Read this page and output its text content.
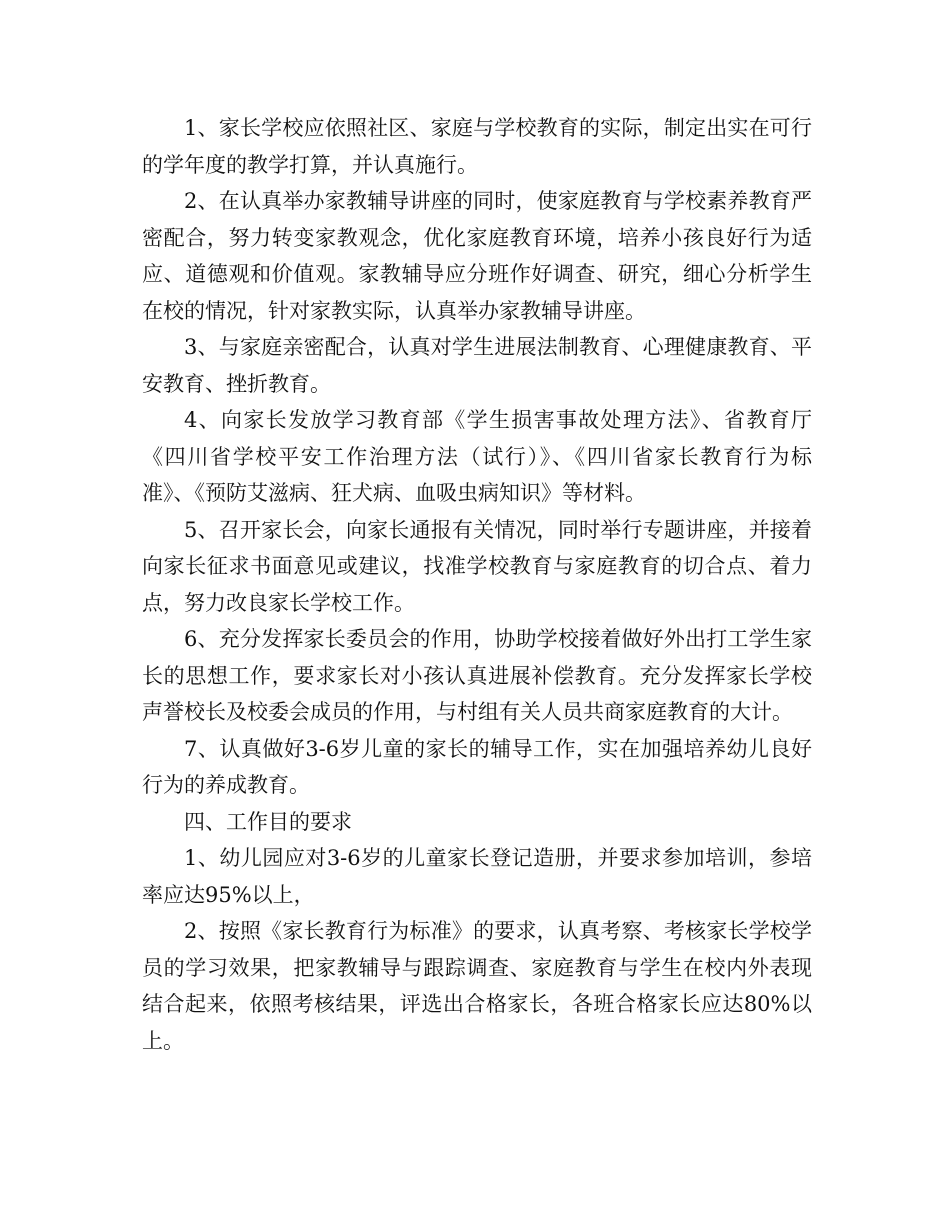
1、家长学校应依照社区、家庭与学校教育的实际，制定出实在可行的学年度的教学打算，并认真施行。

2、在认真举办家教辅导讲座的同时，使家庭教育与学校素养教育严密配合，努力转变家教观念，优化家庭教育环境，培养小孩良好行为适应、道德观和价值观。家教辅导应分班作好调查、研究，细心分析学生在校的情况，针对家教实际，认真举办家教辅导讲座。

3、与家庭亲密配合，认真对学生进展法制教育、心理健康教育、平安教育、挫折教育。

4、向家长发放学习教育部《学生损害事故处理方法》、省教育厅《四川省学校平安工作治理方法（试行）》、《四川省家长教育行为标准》、《预防艾滋病、狂犬病、血吸虫病知识》等材料。

5、召开家长会，向家长通报有关情况，同时举行专题讲座，并接着向家长征求书面意见或建议，找准学校教育与家庭教育的切合点、着力点，努力改良家长学校工作。

6、充分发挥家长委员会的作用，协助学校接着做好外出打工学生家长的思想工作，要求家长对小孩认真进展补偿教育。充分发挥家长学校声誉校长及校委会成员的作用，与村组有关人员共商家庭教育的大计。

7、认真做好3-6岁儿童的家长的辅导工作，实在加强培养幼儿良好行为的养成教育。

四、工作目的要求

1、幼儿园应对3-6岁的儿童家长登记造册，并要求参加培训，参培率应达95%以上，

2、按照《家长教育行为标准》的要求，认真考察、考核家长学校学员的学习效果，把家教辅导与跟踪调查、家庭教育与学生在校内外表现结合起来，依照考核结果，评选出合格家长，各班合格家长应达80%以上。
